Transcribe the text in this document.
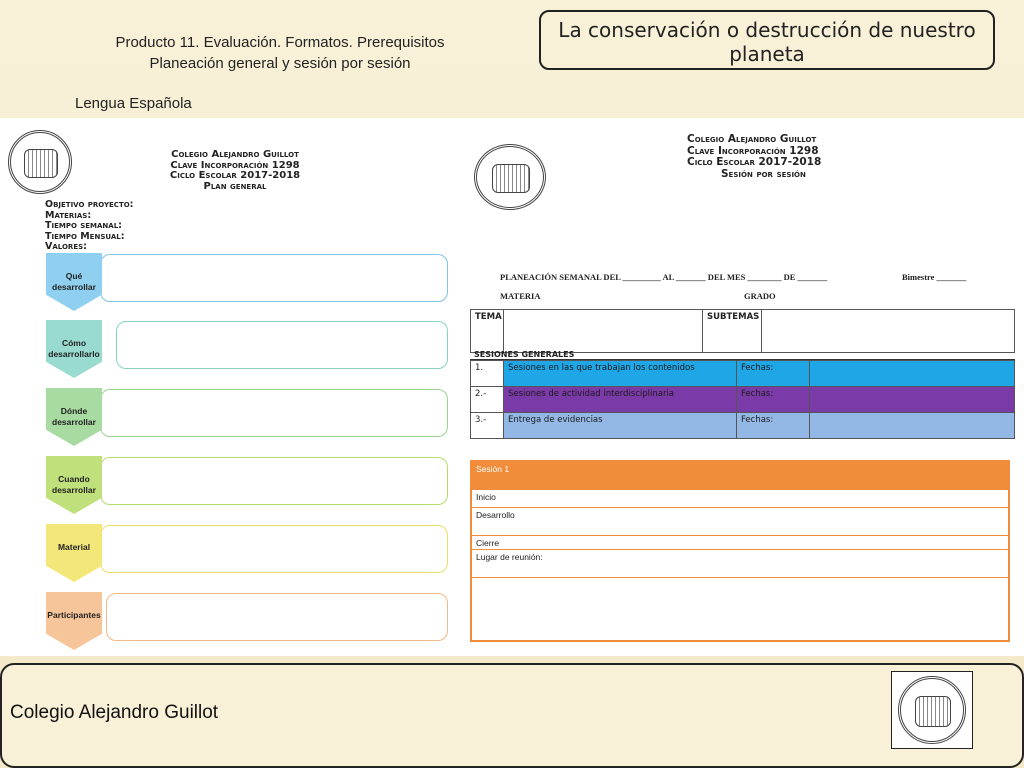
Producto 11. Evaluación. Formatos. Prerequisitos
Planeación general y sesión por sesión
Lengua Española
La conservación o destrucción de nuestro
planeta
Colegio Alejandro Guillot
Clave Incorporación 1298
Ciclo Escolar 2017-2018
Plan general
Objetivo proyecto:
Materias:
Tiempo semanal:
Tiempo Mensual:
Valores:
Qué desarrollar
Cómo desarrollarlo
Dónde desarrollar
Cuando desarrollar
Material
Participantes
Colegio Alejandro Guillot
Clave Incorporación 1298
Ciclo Escolar 2017-2018
Sesión por sesión
PLANEACIÓN SEMANAL DEL _________ AL _______ DEL MES ________ DE _______	Bimestre _______
MATERIA	GRADO
TEMA	SUBTEMAS
SESIONES GENERALES
1.	Sesiones en las que trabajan los contenidos	Fechas:
2.-	Sesiones de actividad interdisciplinaria	Fechas:
3.-	Entrega de evidencias	Fechas:
Sesión 1
Inicio
Desarrollo
Cierre
Lugar de reunión:
Colegio Alejandro Guillot
